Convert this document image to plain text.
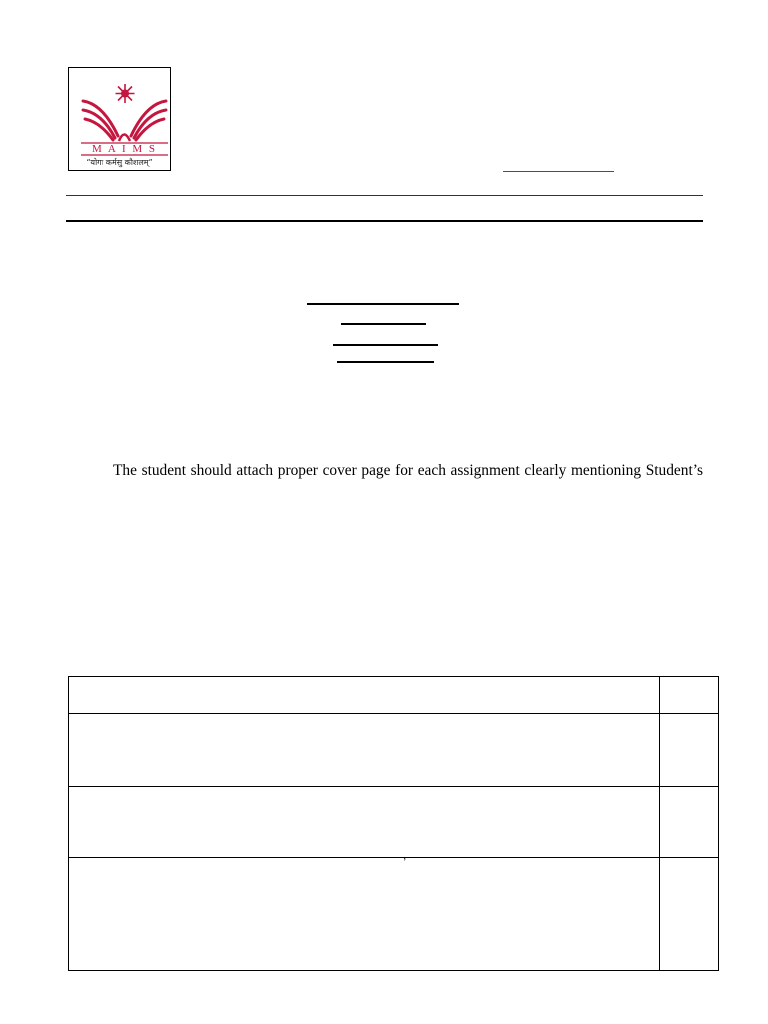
M A I M S
“योगः कर्मसु कौशलम्”
The student should attach proper cover page for each assignment clearly mentioning Student’s
’
